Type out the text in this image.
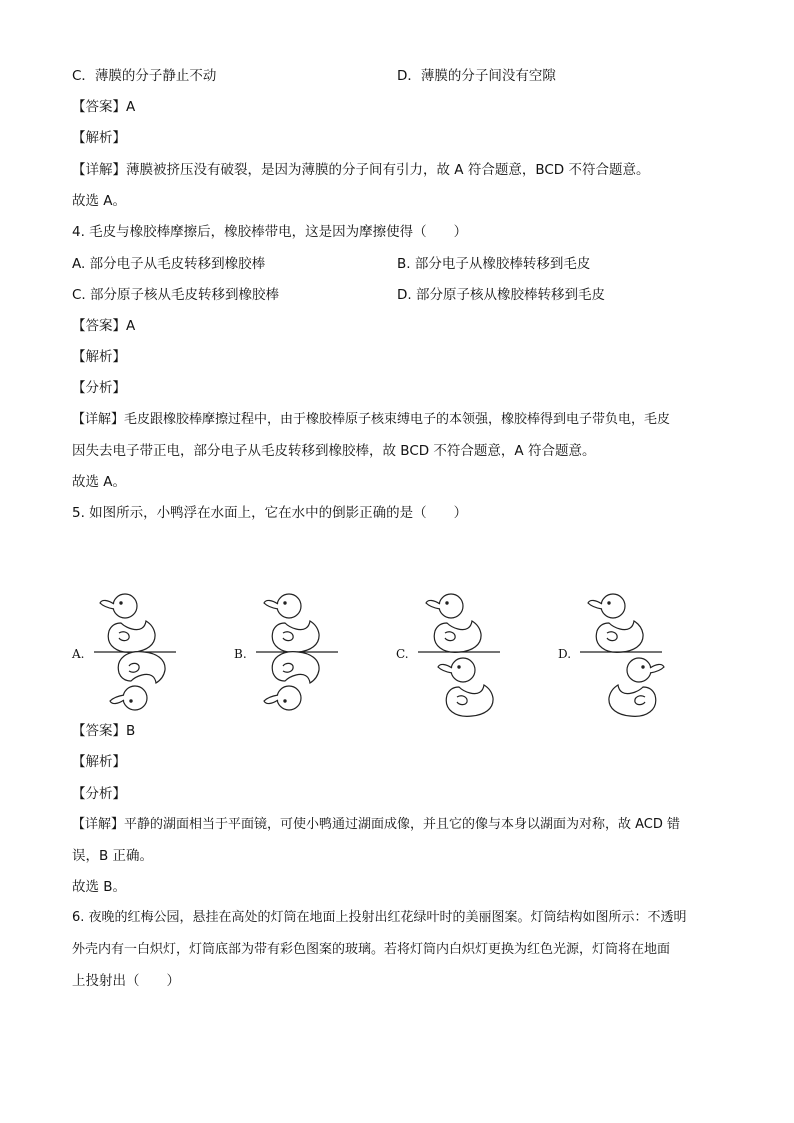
C．薄膜的分子静止不动	D．薄膜的分子间没有空隙
【答案】A
【解析】
【详解】薄膜被挤压没有破裂，是因为薄膜的分子间有引力，故 A 符合题意，BCD 不符合题意。
故选 A。
4. 毛皮与橡胶棒摩擦后，橡胶棒带电，这是因为摩擦使得（　　）
A. 部分电子从毛皮转移到橡胶棒	B. 部分电子从橡胶棒转移到毛皮
C. 部分原子核从毛皮转移到橡胶棒	D. 部分原子核从橡胶棒转移到毛皮
【答案】A
【解析】
【分析】
【详解】毛皮跟橡胶棒摩擦过程中，由于橡胶棒原子核束缚电子的本领强，橡胶棒得到电子带负电，毛皮
因失去电子带正电，部分电子从毛皮转移到橡胶棒，故 BCD 不符合题意，A 符合题意。
故选 A。
5. 如图所示，小鸭浮在水面上，它在水中的倒影正确的是（　　）
A.	B.	C.	D.
【答案】B
【解析】
【分析】
【详解】平静的湖面相当于平面镜，可使小鸭通过湖面成像，并且它的像与本身以湖面为对称，故 ACD 错
误，B 正确。
故选 B。
6. 夜晚的红梅公园，悬挂在高处的灯筒在地面上投射出红花绿叶时的美丽图案。灯筒结构如图所示：不透明
外壳内有一白炽灯，灯筒底部为带有彩色图案的玻璃。若将灯筒内白炽灯更换为红色光源，灯筒将在地面
上投射出（　　）
